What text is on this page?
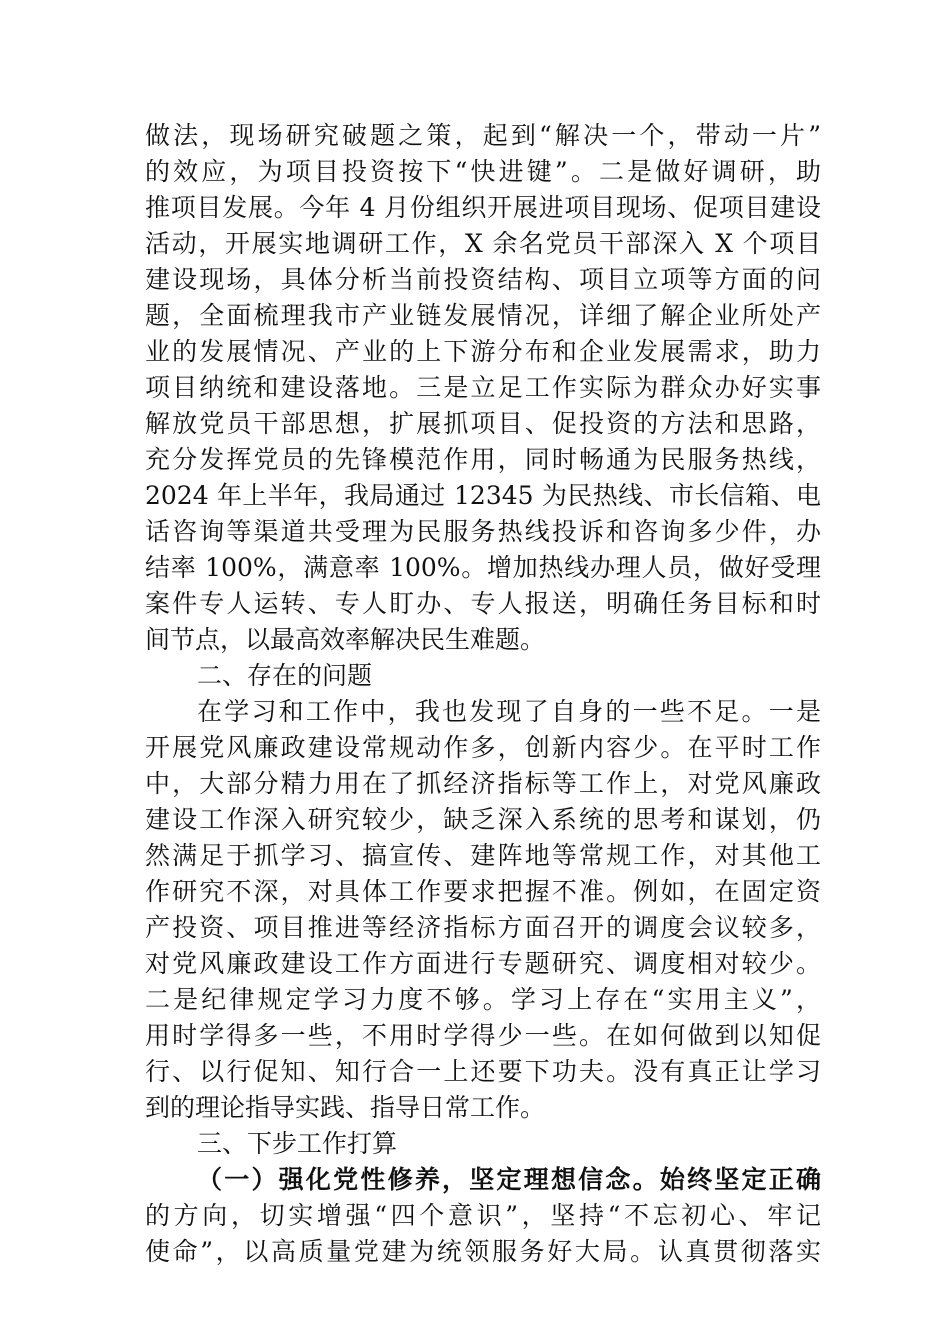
做法，现场研究破题之策，起到“解决一个，带动一片”
的效应，为项目投资按下“快进键”。二是做好调研，助
推项目发展。今年 4 月份组织开展进项目现场、促项目建设
活动，开展实地调研工作，X 余名党员干部深入 X 个项目
建设现场，具体分析当前投资结构、项目立项等方面的问
题，全面梳理我市产业链发展情况，详细了解企业所处产
业的发展情况、产业的上下游分布和企业发展需求，助力
项目纳统和建设落地。三是立足工作实际为群众办好实事
解放党员干部思想，扩展抓项目、促投资的方法和思路，
充分发挥党员的先锋模范作用，同时畅通为民服务热线，
2024 年上半年，我局通过 12345 为民热线、市长信箱、电
话咨询等渠道共受理为民服务热线投诉和咨询多少件，办
结率 100%，满意率 100%。增加热线办理人员，做好受理
案件专人运转、专人盯办、专人报送，明确任务目标和时
间节点，以最高效率解决民生难题。
二、存在的问题
在学习和工作中，我也发现了自身的一些不足。一是
开展党风廉政建设常规动作多，创新内容少。在平时工作
中，大部分精力用在了抓经济指标等工作上，对党风廉政
建设工作深入研究较少，缺乏深入系统的思考和谋划，仍
然满足于抓学习、搞宣传、建阵地等常规工作，对其他工
作研究不深，对具体工作要求把握不准。例如，在固定资
产投资、项目推进等经济指标方面召开的调度会议较多，
对党风廉政建设工作方面进行专题研究、调度相对较少。
二是纪律规定学习力度不够。学习上存在“实用主义”，
用时学得多一些，不用时学得少一些。在如何做到以知促
行、以行促知、知行合一上还要下功夫。没有真正让学习
到的理论指导实践、指导日常工作。
三、下步工作打算
（一）强化党性修养，坚定理想信念。始终坚定正确
的方向，切实增强“四个意识”，坚持“不忘初心、牢记
使命”，以高质量党建为统领服务好大局。认真贯彻落实
